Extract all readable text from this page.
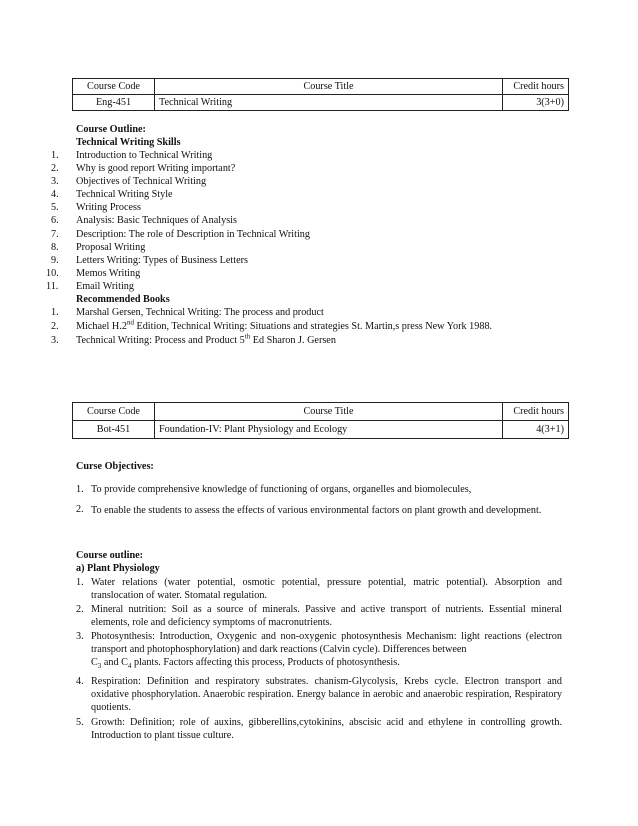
Course Code	Course Title	Credit hours
Eng-451	Technical Writing	3(3+0)
Course Outline:
Technical Writing Skills
1. Introduction to Technical Writing
2. Why is good report Writing important?
3. Objectives of Technical Writing
4. Technical Writing Style
5. Writing Process
6. Analysis: Basic Techniques of Analysis
7. Description: The role of Description in Technical Writing
8. Proposal Writing
9. Letters Writing: Types of Business Letters
10. Memos Writing
11. Email Writing
Recommended Books
1. Marshal Gersen, Technical Writing: The process and product
2. Michael H.2nd Edition, Technical Writing: Situations and strategies St. Martin,s press New York 1988.
3. Technical Writing: Process and Product 5th Ed Sharon J. Gersen
Course Code	Course Title	Credit hours
Bot-451	Foundation-IV: Plant Physiology and Ecology	4(3+1)
Curse Objectives:
1. To provide comprehensive knowledge of functioning of organs, organelles and biomolecules,
2. To enable the students to assess the effects of various environmental factors on plant growth and development.
Course outline:
a) Plant Physiology
1. Water relations (water potential, osmotic potential, pressure potential, matric potential). Absorption and translocation of water. Stomatal regulation.
2. Mineral nutrition: Soil as a source of minerals. Passive and active transport of nutrients. Essential mineral elements, role and deficiency symptoms of macronutrients.
3. Photosynthesis: Introduction, Oxygenic and non-oxygenic photosynthesis Mechanism: light reactions (electron transport and photophosphorylation) and dark reactions (Calvin cycle). Differences between
$C_3$ and $C_4$ plants. Factors affecting this process, Products of photosynthesis.
4. Respiration: Definition and respiratory substrates. chanism-Glycolysis, Krebs cycle. Electron transport and oxidative phosphorylation. Anaerobic respiration. Energy balance in aerobic and anaerobic respiration, Respiratory quotients.
5. Growth: Definition; role of auxins, gibberellins,cytokinins, abscisic acid and ethylene in controlling growth. Introduction to plant tissue culture.
